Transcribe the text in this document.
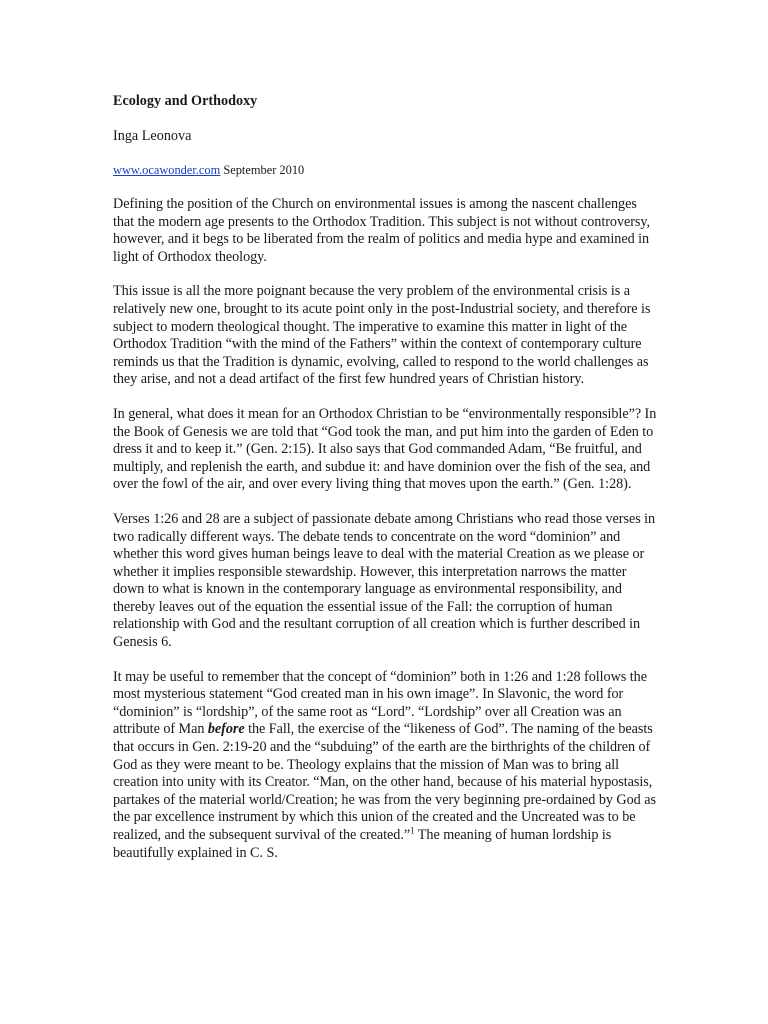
Ecology and Orthodoxy
Inga Leonova
www.ocawonder.com September 2010

Defining the position of the Church on environmental issues is among the nascent challenges that the modern age presents to the Orthodox Tradition. This subject is not without controversy, however, and it begs to be liberated from the realm of politics and media hype and examined in light of Orthodox theology.

This issue is all the more poignant because the very problem of the environmental crisis is a relatively new one, brought to its acute point only in the post-Industrial society, and therefore is subject to modern theological thought. The imperative to examine this matter in light of the Orthodox Tradition “with the mind of the Fathers” within the context of contemporary culture reminds us that the Tradition is dynamic, evolving, called to respond to the world challenges as they arise, and not a dead artifact of the first few hundred years of Christian history.

In general, what does it mean for an Orthodox Christian to be “environmentally responsible”? In the Book of Genesis we are told that “God took the man, and put him into the garden of Eden to dress it and to keep it.” (Gen. 2:15). It also says that God commanded Adam, “Be fruitful, and multiply, and replenish the earth, and subdue it: and have dominion over the fish of the sea, and over the fowl of the air, and over every living thing that moves upon the earth.” (Gen. 1:28).

Verses 1:26 and 28 are a subject of passionate debate among Christians who read those verses in two radically different ways. The debate tends to concentrate on the word “dominion” and whether this word gives human beings leave to deal with the material Creation as we please or whether it implies responsible stewardship. However, this interpretation narrows the matter down to what is known in the contemporary language as environmental responsibility, and thereby leaves out of the equation the essential issue of the Fall: the corruption of human relationship with God and the resultant corruption of all creation which is further described in Genesis 6.

It may be useful to remember that the concept of “dominion” both in 1:26 and 1:28 follows the most mysterious statement “God created man in his own image”. In Slavonic, the word for “dominion” is “lordship”, of the same root as “Lord”. “Lordship” over all Creation was an attribute of Man before the Fall, the exercise of the “likeness of God”. The naming of the beasts that occurs in Gen. 2:19-20 and the “subduing” of the earth are the birthrights of the children of God as they were meant to be. Theology explains that the mission of Man was to bring all creation into unity with its Creator. “Man, on the other hand, because of his material hypostasis, partakes of the material world/Creation; he was from the very beginning pre-ordained by God as the par excellence instrument by which this union of the created and the Uncreated was to be realized, and the subsequent survival of the created.”$^1$ The meaning of human lordship is beautifully explained in C. S.
